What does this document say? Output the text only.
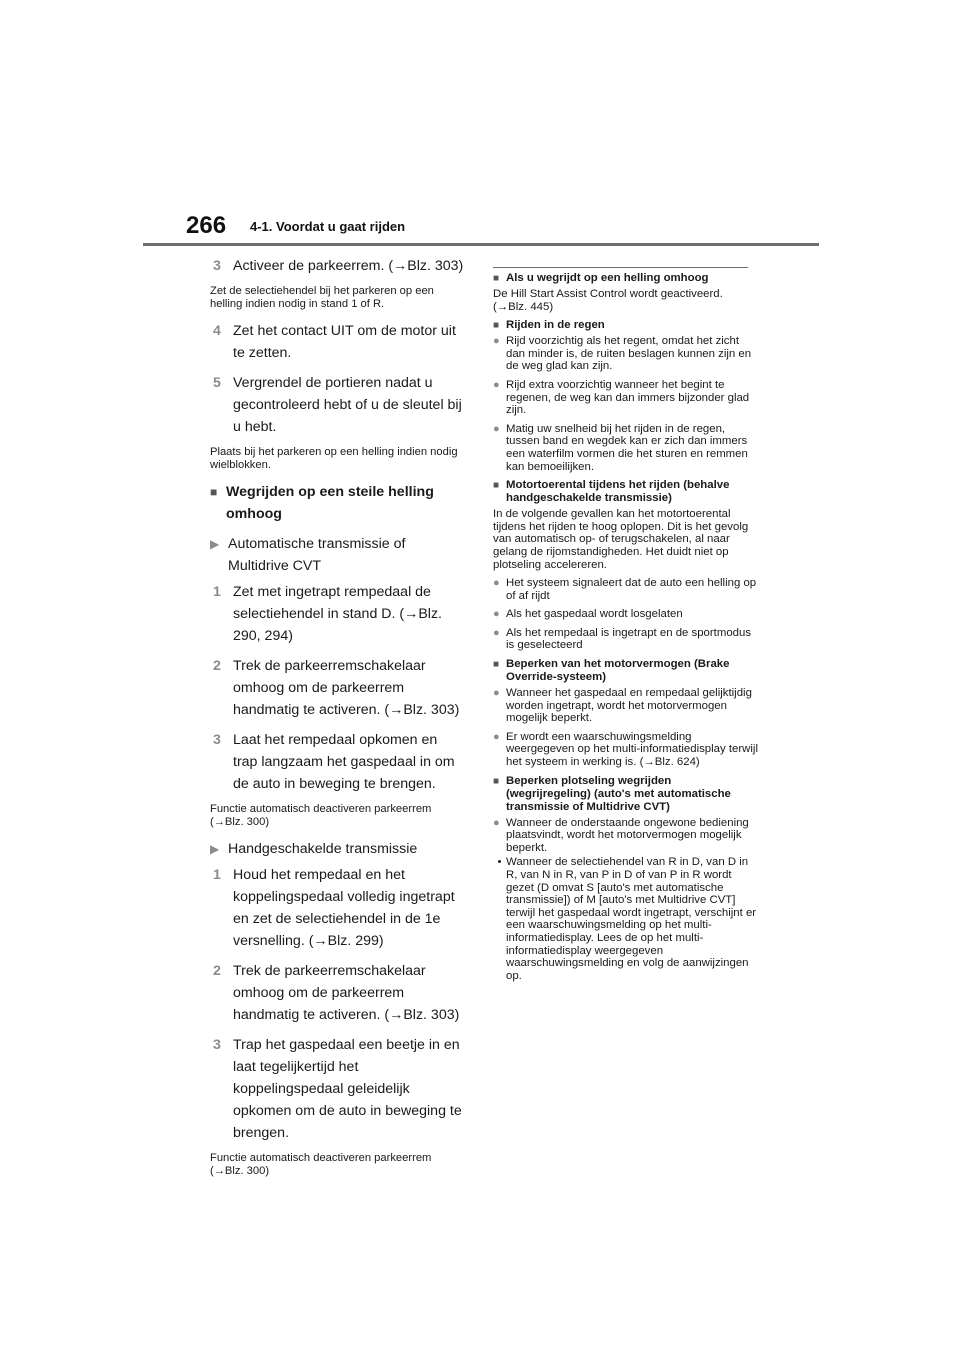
266 4-1. Voordat u gaat rijden
3 Activeer de parkeerrem. (→Blz. 303)
Zet de selectiehendel bij het parkeren op een helling indien nodig in stand 1 of R.
4 Zet het contact UIT om de motor uit te zetten.
5 Vergrendel de portieren nadat u gecontroleerd hebt of u de sleutel bij u hebt.
Plaats bij het parkeren op een helling indien nodig wielblokken.
■ Wegrijden op een steile helling omhoog
▶ Automatische transmissie of Multidrive CVT
1 Zet met ingetrapt rempedaal de selectiehendel in stand D. (→Blz. 290, 294)
2 Trek de parkeerremschakelaar omhoog om de parkeerrem handmatig te activeren. (→Blz. 303)
3 Laat het rempedaal opkomen en trap langzaam het gaspedaal in om de auto in beweging te brengen.
Functie automatisch deactiveren parkeerrem (→Blz. 300)
▶ Handgeschakelde transmissie
1 Houd het rempedaal en het koppelingspedaal volledig ingetrapt en zet de selectiehendel in de 1e versnelling. (→Blz. 299)
2 Trek de parkeerremschakelaar omhoog om de parkeerrem handmatig te activeren. (→Blz. 303)
3 Trap het gaspedaal een beetje in en laat tegelijkertijd het koppelingspedaal geleidelijk opkomen om de auto in beweging te brengen.
Functie automatisch deactiveren parkeerrem (→Blz. 300)
■ Als u wegrijdt op een helling omhoog
De Hill Start Assist Control wordt geactiveerd. (→Blz. 445)
■ Rijden in de regen
● Rijd voorzichtig als het regent, omdat het zicht dan minder is, de ruiten beslagen kunnen zijn en de weg glad kan zijn.
● Rijd extra voorzichtig wanneer het begint te regenen, de weg kan dan immers bijzonder glad zijn.
● Matig uw snelheid bij het rijden in de regen, tussen band en wegdek kan er zich dan immers een waterfilm vormen die het sturen en remmen kan bemoeilijken.
■ Motortoerental tijdens het rijden (behalve handgeschakelde transmissie)
In de volgende gevallen kan het motortoerental tijdens het rijden te hoog oplopen. Dit is het gevolg van automatisch op- of terugschakelen, al naar gelang de rijomstandigheden. Het duidt niet op plotseling accelereren.
● Het systeem signaleert dat de auto een helling op of af rijdt
● Als het gaspedaal wordt losgelaten
● Als het rempedaal is ingetrapt en de sportmodus is geselecteerd
■ Beperken van het motorvermogen (Brake Override-systeem)
● Wanneer het gaspedaal en rempedaal gelijktijdig worden ingetrapt, wordt het motorvermogen mogelijk beperkt.
● Er wordt een waarschuwingsmelding weergegeven op het multi-informatiedisplay terwijl het systeem in werking is. (→Blz. 624)
■ Beperken plotseling wegrijden (wegrijregeling) (auto's met automatische transmissie of Multidrive CVT)
● Wanneer de onderstaande ongewone bediening plaatsvindt, wordt het motorvermogen mogelijk beperkt.
• Wanneer de selectiehendel van R in D, van D in R, van N in R, van P in D of van P in R wordt gezet (D omvat S [auto's met automatische transmissie]) of M [auto's met Multidrive CVT] terwijl het gaspedaal wordt ingetrapt, verschijnt er een waarschuwingsmelding op het multi-informatiedisplay. Lees de op het multi-informatiedisplay weergegeven waarschuwingsmelding en volg de aanwijzingen op.
